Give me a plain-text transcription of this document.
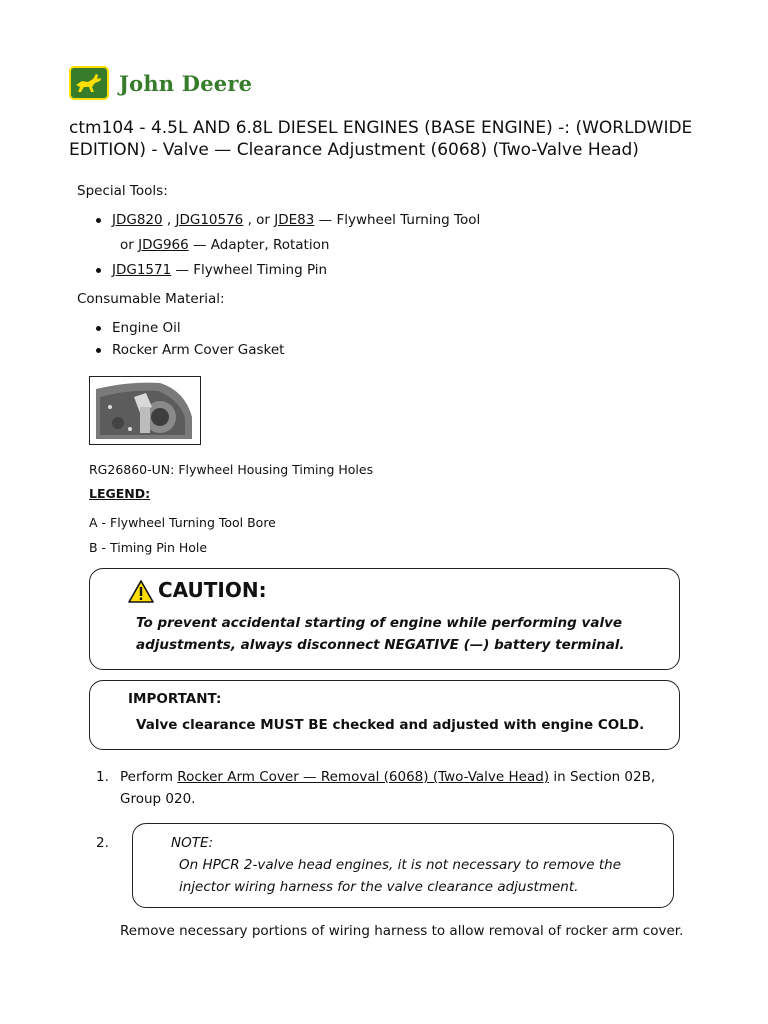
John Deere
ctm104 - 4.5L AND 6.8L DIESEL ENGINES (BASE ENGINE) -: (WORLDWIDE EDITION) - Valve — Clearance Adjustment (6068) (Two-Valve Head)
Special Tools:
JDG820 , JDG10576 , or JDE83 — Flywheel Turning Tool
or JDG966 — Adapter, Rotation
JDG1571 — Flywheel Timing Pin
Consumable Material:
Engine Oil
Rocker Arm Cover Gasket
RG26860-UN: Flywheel Housing Timing Holes
LEGEND:
A - Flywheel Turning Tool Bore
B - Timing Pin Hole
CAUTION:
To prevent accidental starting of engine while performing valve
adjustments, always disconnect NEGATIVE (—) battery terminal.
IMPORTANT:
Valve clearance MUST BE checked and adjusted with engine COLD.
1. Perform Rocker Arm Cover — Removal (6068) (Two-Valve Head) in Section 02B,
Group 020.
2.	NOTE:
On HPCR 2-valve head engines, it is not necessary to remove the
injector wiring harness for the valve clearance adjustment.
Remove necessary portions of wiring harness to allow removal of rocker arm cover.
